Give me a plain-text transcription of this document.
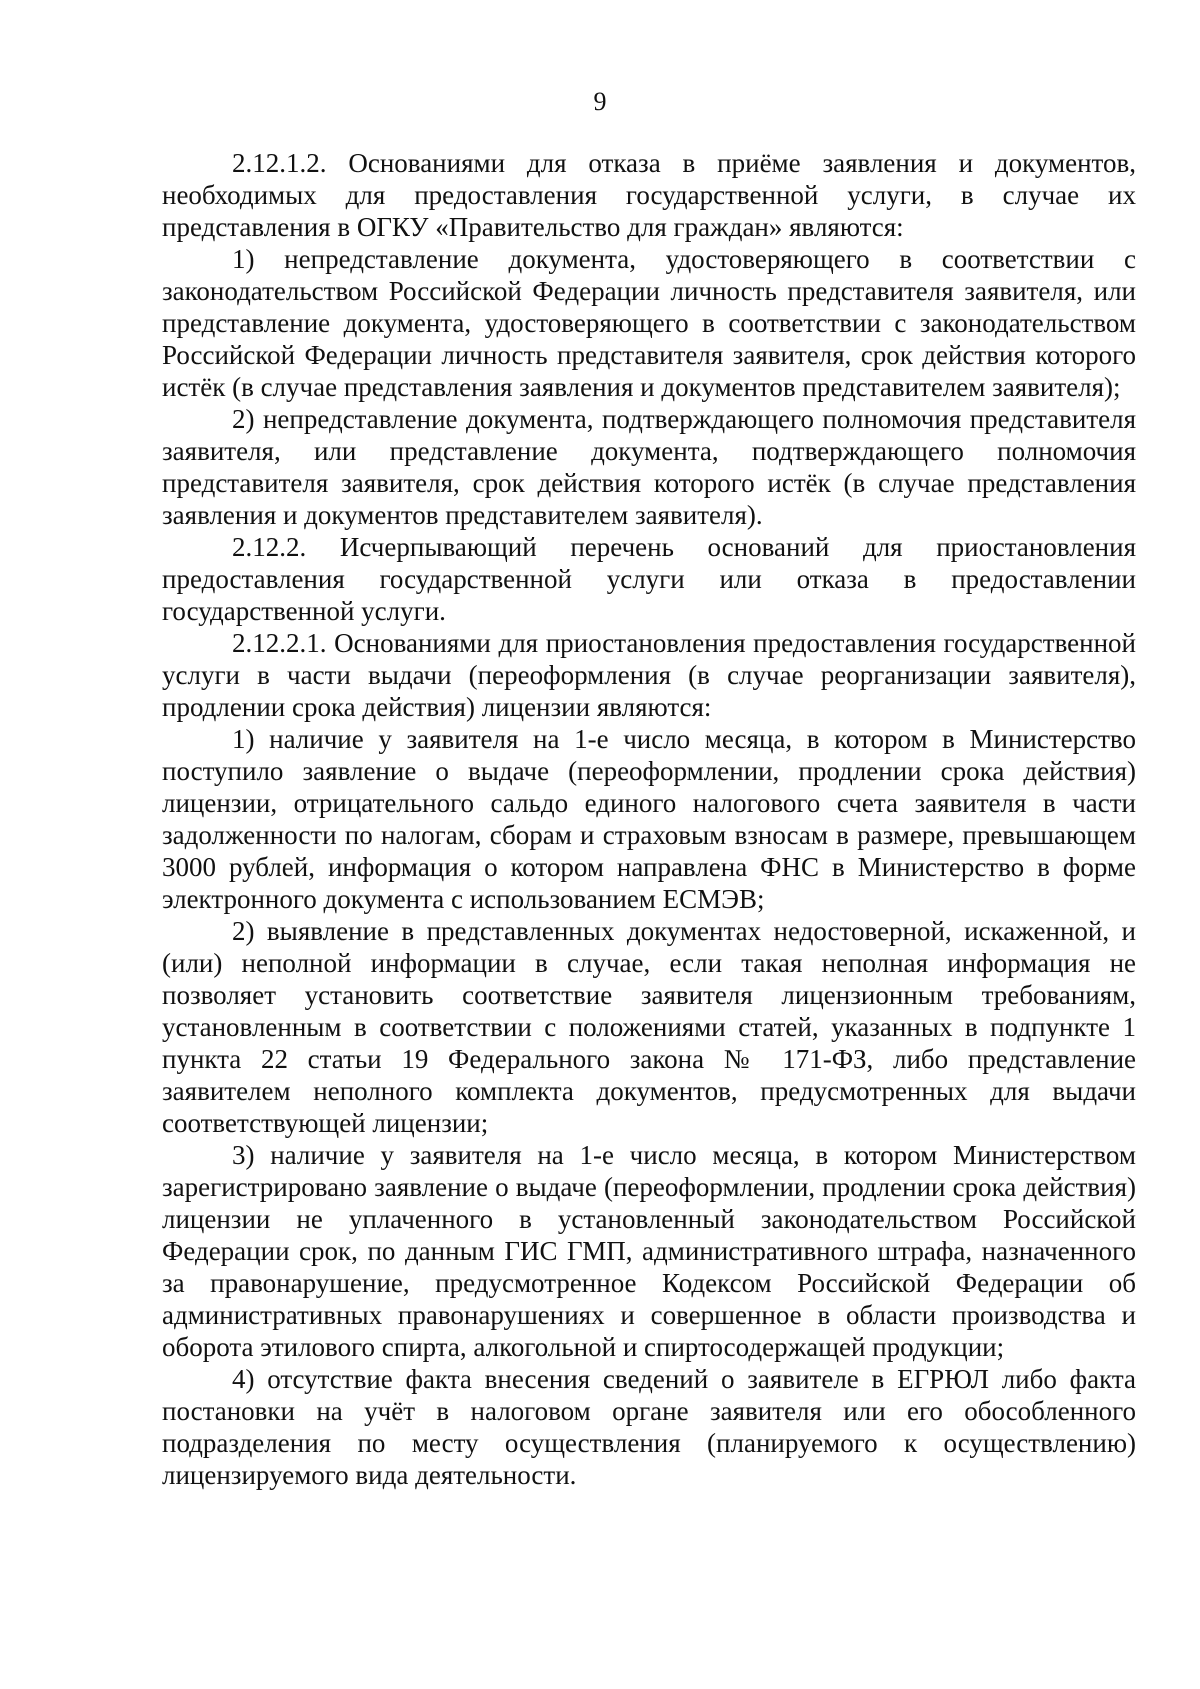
9

2.12.1.2. Основаниями для отказа в приёме заявления и документов, необходимых для предоставления государственной услуги, в случае их представления в ОГКУ «Правительство для граждан» являются:

1) непредставление документа, удостоверяющего в соответствии с законодательством Российской Федерации личность представителя заявителя, или представление документа, удостоверяющего в соответствии с законодательством Российской Федерации личность представителя заявителя, срок действия которого истёк (в случае представления заявления и документов представителем заявителя);

2) непредставление документа, подтверждающего полномочия представителя заявителя, или представление документа, подтверждающего полномочия представителя заявителя, срок действия которого истёк (в случае представления заявления и документов представителем заявителя).

2.12.2. Исчерпывающий перечень оснований для приостановления предоставления государственной услуги или отказа в предоставлении государственной услуги.

2.12.2.1. Основаниями для приостановления предоставления государственной услуги в части выдачи (переоформления (в случае реорганизации заявителя), продлении срока действия) лицензии являются:

1) наличие у заявителя на 1-е число месяца, в котором в Министерство поступило заявление о выдаче (переоформлении, продлении срока действия) лицензии, отрицательного сальдо единого налогового счета заявителя в части задолженности по налогам, сборам и страховым взносам в размере, превышающем 3000 рублей, информация о котором направлена ФНС в Министерство в форме электронного документа с использованием ЕСМЭВ;

2) выявление в представленных документах недостоверной, искаженной, и (или) неполной информации в случае, если такая неполная информация не позволяет установить соответствие заявителя лицензионным требованиям, установленным в соответствии с положениями статей, указанных в подпункте 1 пункта 22 статьи 19 Федерального закона № 171-ФЗ, либо представление заявителем неполного комплекта документов, предусмотренных для выдачи соответствующей лицензии;

3) наличие у заявителя на 1-е число месяца, в котором Министерством зарегистрировано заявление о выдаче (переоформлении, продлении срока действия) лицензии не уплаченного в установленный законодательством Российской Федерации срок, по данным ГИС ГМП, административного штрафа, назначенного за правонарушение, предусмотренное Кодексом Российской Федерации об административных правонарушениях и совершенное в области производства и оборота этилового спирта, алкогольной и спиртосодержащей продукции;

4) отсутствие факта внесения сведений о заявителе в ЕГРЮЛ либо факта постановки на учёт в налоговом органе заявителя или его обособленного подразделения по месту осуществления (планируемого к осуществлению) лицензируемого вида деятельности.
